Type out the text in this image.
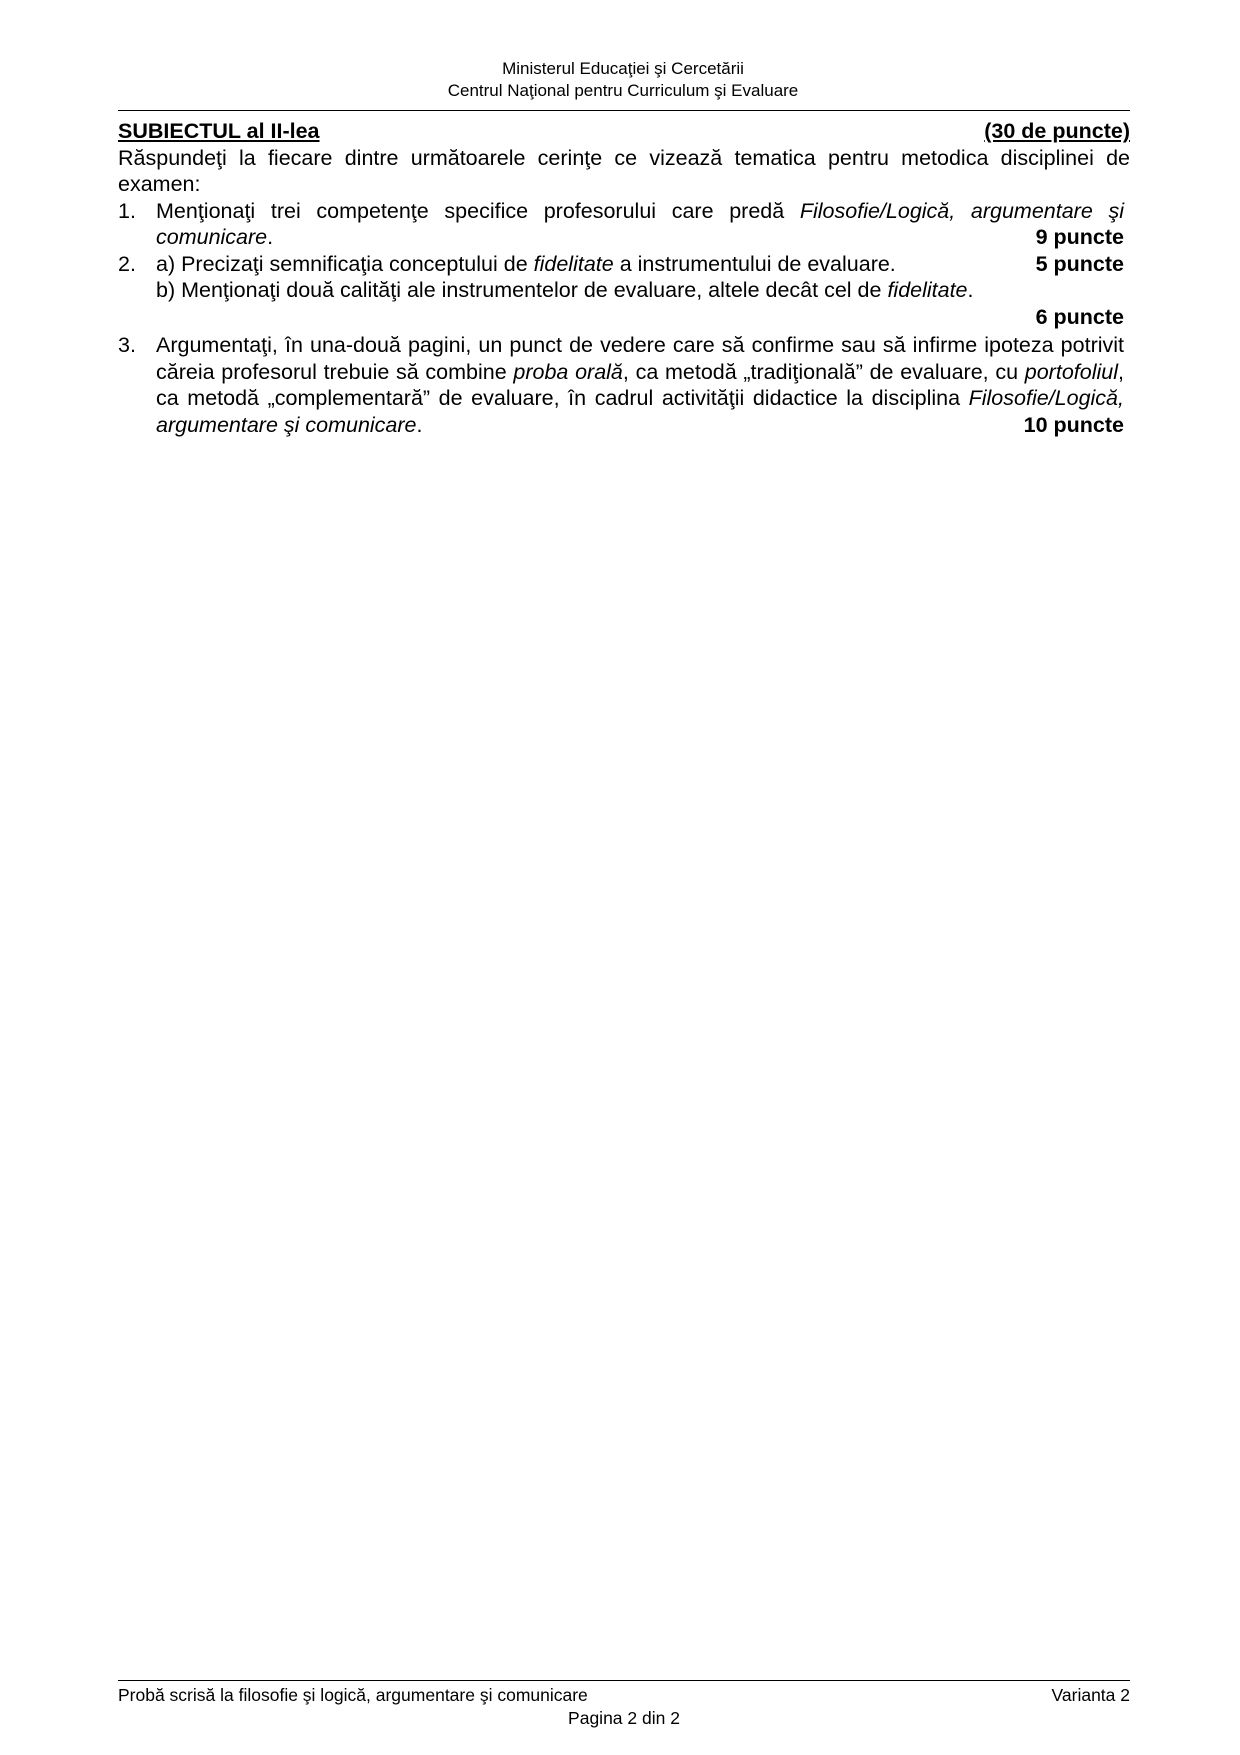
Ministerul Educaţiei şi Cercetării
Centrul Naţional pentru Curriculum şi Evaluare
SUBIECTUL al II-lea	(30 de puncte)
Răspundeţi la fiecare dintre următoarele cerinţe ce vizează tematica pentru metodica disciplinei de examen:
1. Menţionaţi trei competenţe specifice profesorului care predă Filosofie/Logică, argumentare şi comunicare.	9 puncte
2. a) Precizaţi semnificaţia conceptului de fidelitate a instrumentului de evaluare.	5 puncte
b) Menţionaţi două calităţi ale instrumentelor de evaluare, altele decât cel de fidelitate.
6 puncte
3. Argumentaţi, în una-două pagini, un punct de vedere care să confirme sau să infirme ipoteza potrivit căreia profesorul trebuie să combine proba orală, ca metodă „tradiţională” de evaluare, cu portofoliul, ca metodă „complementară” de evaluare, în cadrul activităţii didactice la disciplina Filosofie/Logică, argumentare şi comunicare.	10 puncte
Probă scrisă la filosofie şi logică, argumentare şi comunicare	Varianta 2
Pagina 2 din 2
